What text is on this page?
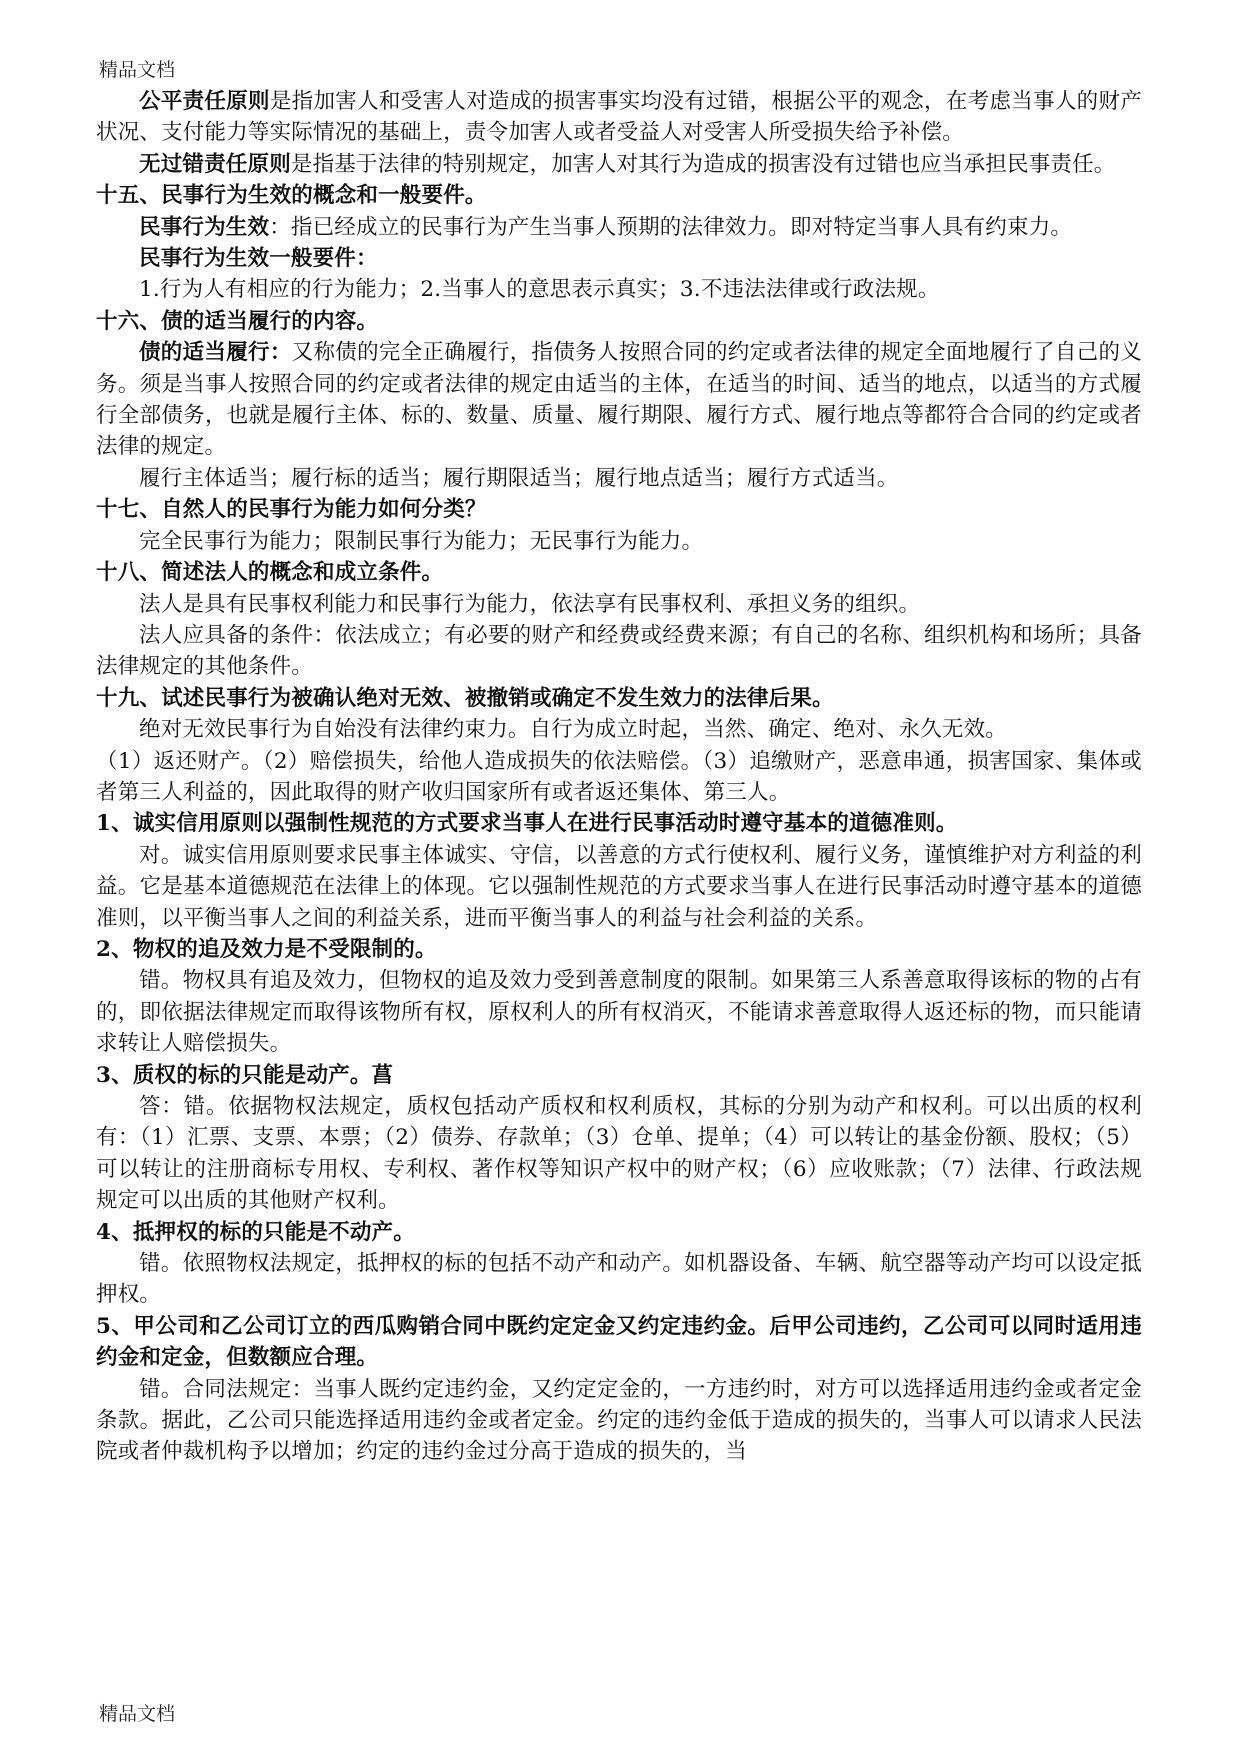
精品文档

公平责任原则是指加害人和受害人对造成的损害事实均没有过错，根据公平的观念，在考虑当事人的财产状况、支付能力等实际情况的基础上，责令加害人或者受益人对受害人所受损失给予补偿。

无过错责任原则是指基于法律的特别规定，加害人对其行为造成的损害没有过错也应当承担民事责任。

十五、民事行为生效的概念和一般要件。

民事行为生效：指已经成立的民事行为产生当事人预期的法律效力。即对特定当事人具有约束力。

民事行为生效一般要件：

1.行为人有相应的行为能力；2.当事人的意思表示真实；3.不违法法律或行政法规。

十六、债的适当履行的内容。

债的适当履行：又称债的完全正确履行，指债务人按照合同的约定或者法律的规定全面地履行了自己的义务。须是当事人按照合同的约定或者法律的规定由适当的主体，在适当的时间、适当的地点，以适当的方式履行全部债务，也就是履行主体、标的、数量、质量、履行期限、履行方式、履行地点等都符合合同的约定或者法律的规定。

履行主体适当；履行标的适当；履行期限适当；履行地点适当；履行方式适当。

十七、自然人的民事行为能力如何分类？

完全民事行为能力；限制民事行为能力；无民事行为能力。

十八、简述法人的概念和成立条件。

法人是具有民事权利能力和民事行为能力，依法享有民事权利、承担义务的组织。

法人应具备的条件：依法成立；有必要的财产和经费或经费来源；有自己的名称、组织机构和场所；具备法律规定的其他条件。

十九、试述民事行为被确认绝对无效、被撤销或确定不发生效力的法律后果。

绝对无效民事行为自始没有法律约束力。自行为成立时起，当然、确定、绝对、永久无效。

（1）返还财产。（2）赔偿损失，给他人造成损失的依法赔偿。（3）追缴财产，恶意串通，损害国家、集体或者第三人利益的，因此取得的财产收归国家所有或者返还集体、第三人。

1、诚实信用原则以强制性规范的方式要求当事人在进行民事活动时遵守基本的道德准则。

对。诚实信用原则要求民事主体诚实、守信，以善意的方式行使权利、履行义务，谨慎维护对方利益的利益。它是基本道德规范在法律上的体现。它以强制性规范的方式要求当事人在进行民事活动时遵守基本的道德准则，以平衡当事人之间的利益关系，进而平衡当事人的利益与社会利益的关系。

2、物权的追及效力是不受限制的。

错。物权具有追及效力，但物权的追及效力受到善意制度的限制。如果第三人系善意取得该标的物的占有的，即依据法律规定而取得该物所有权，原权利人的所有权消灭，不能请求善意取得人返还标的物，而只能请求转让人赔偿损失。

3、质权的标的只能是动产。菖

答：错。依据物权法规定，质权包括动产质权和权利质权，其标的分别为动产和权利。可以出质的权利有：（1）汇票、支票、本票；（2）债券、存款单；（3）仓单、提单；（4）可以转让的基金份额、股权；（5）可以转让的注册商标专用权、专利权、著作权等知识产权中的财产权；（6）应收账款；（7）法律、行政法规规定可以出质的其他财产权利。

4、抵押权的标的只能是不动产。

错。依照物权法规定，抵押权的标的包括不动产和动产。如机器设备、车辆、航空器等动产均可以设定抵押权。

5、甲公司和乙公司订立的西瓜购销合同中既约定定金又约定违约金。后甲公司违约，乙公司可以同时适用违约金和定金，但数额应合理。

错。合同法规定：当事人既约定违约金，又约定定金的，一方违约时，对方可以选择适用违约金或者定金条款。据此，乙公司只能选择适用违约金或者定金。约定的违约金低于造成的损失的，当事人可以请求人民法院或者仲裁机构予以增加；约定的违约金过分高于造成的损失的，当

精品文档
